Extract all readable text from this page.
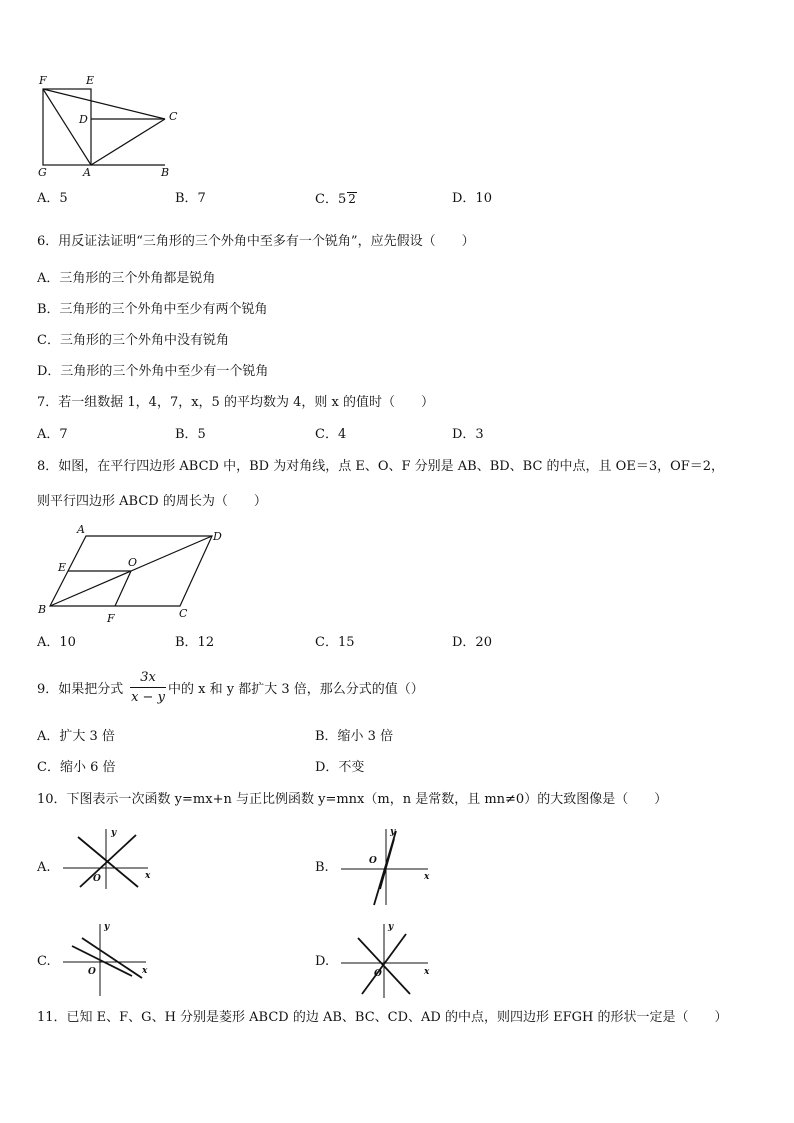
F	E
D	C
G	A	B
A．5	B．7	C．5 2	D．10
6．用反证法证明“三角形的三个外角中至多有一个锐角”，应先假设（　　）
A．三角形的三个外角都是锐角
B．三角形的三个外角中至少有两个锐角
C．三角形的三个外角中没有锐角
D．三角形的三个外角中至少有一个锐角
7．若一组数据 1，4，7，x，5 的平均数为 4，则 x 的值时（　　）
A．7	B．5	C．4	D．3
8．如图，在平行四边形 ABCD 中，BD 为对角线，点 E、O、F 分别是 AB、BD、BC 的中点，且 OE＝3，OF＝2，
则平行四边形 ABCD 的周长为（　　）
A
D
E	O
B
F	C
A．10	B．12	C．15	D．20
9．如果把分式
3x
x − y
中的 x 和 y 都扩大 3 倍，那么分式的值（）
A．扩大 3 倍	B．缩小 3 倍
C．缩小 6 倍	D．不变
10．下图表示一次函数 y=mx+n 与正比例函数 y=mnx（m，n 是常数，且 mn≠0）的大致图像是（　　）
A.
y
x
O
B.
y
x
O
C.
y
x
O
D.
y
x
O
11．已知 E、F、G、H 分别是菱形 ABCD 的边 AB、BC、CD、AD 的中点，则四边形 EFGH 的形状一定是（　　）
